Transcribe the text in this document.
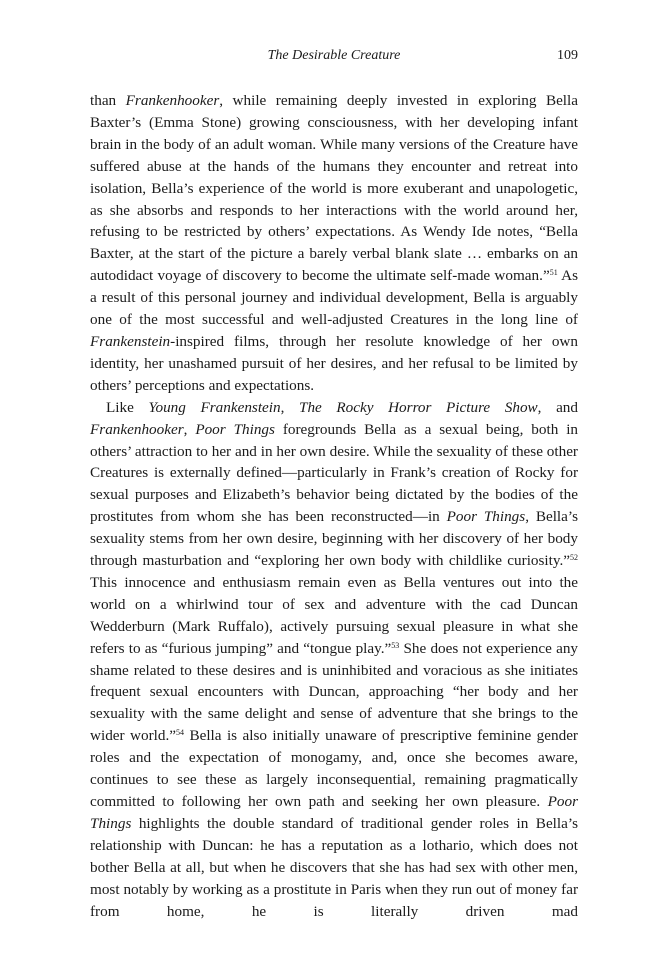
The Desirable Creature	109

than Frankenhooker, while remaining deeply invested in exploring Bella Baxter’s (Emma Stone) growing consciousness, with her developing infant brain in the body of an adult woman. While many versions of the Creature have suffered abuse at the hands of the humans they encounter and retreat into isolation, Bella’s experience of the world is more exuberant and unapologetic, as she absorbs and responds to her interactions with the world around her, refusing to be restricted by others’ expectations. As Wendy Ide notes, “Bella Baxter, at the start of the picture a barely verbal blank slate … embarks on an autodidact voyage of discovery to become the ultimate self-made woman.”$^{51}$ As a result of this personal journey and individual development, Bella is arguably one of the most successful and well-adjusted Creatures in the long line of Frankenstein-inspired films, through her resolute knowledge of her own identity, her unashamed pursuit of her desires, and her refusal to be limited by others’ perceptions and expectations.

Like Young Frankenstein, The Rocky Horror Picture Show, and Frankenhooker, Poor Things foregrounds Bella as a sexual being, both in others’ attraction to her and in her own desire. While the sexuality of these other Creatures is externally defined—particularly in Frank’s creation of Rocky for sexual purposes and Elizabeth’s behavior being dictated by the bodies of the prostitutes from whom she has been reconstructed—in Poor Things, Bella’s sexuality stems from her own desire, beginning with her discovery of her body through masturbation and “exploring her own body with childlike curiosity.”$^{52}$ This innocence and enthusiasm remain even as Bella ventures out into the world on a whirlwind tour of sex and adventure with the cad Duncan Wedderburn (Mark Ruffalo), actively pursuing sexual pleasure in what she refers to as “furious jumping” and “tongue play.”$^{53}$ She does not experience any shame related to these desires and is uninhibited and voracious as she initiates frequent sexual encounters with Duncan, approaching “her body and her sexuality with the same delight and sense of adventure that she brings to the wider world.”$^{54}$ Bella is also initially unaware of prescriptive feminine gender roles and the expectation of monogamy, and, once she becomes aware, continues to see these as largely inconsequential, remaining pragmatically committed to following her own path and seeking her own pleasure. Poor Things highlights the double standard of traditional gender roles in Bella’s relationship with Duncan: he has a reputation as a lothario, which does not bother Bella at all, but when he discovers that she has had sex with other men, most notably by working as a prostitute in Paris when they run out of money far from home, he is literally driven mad
